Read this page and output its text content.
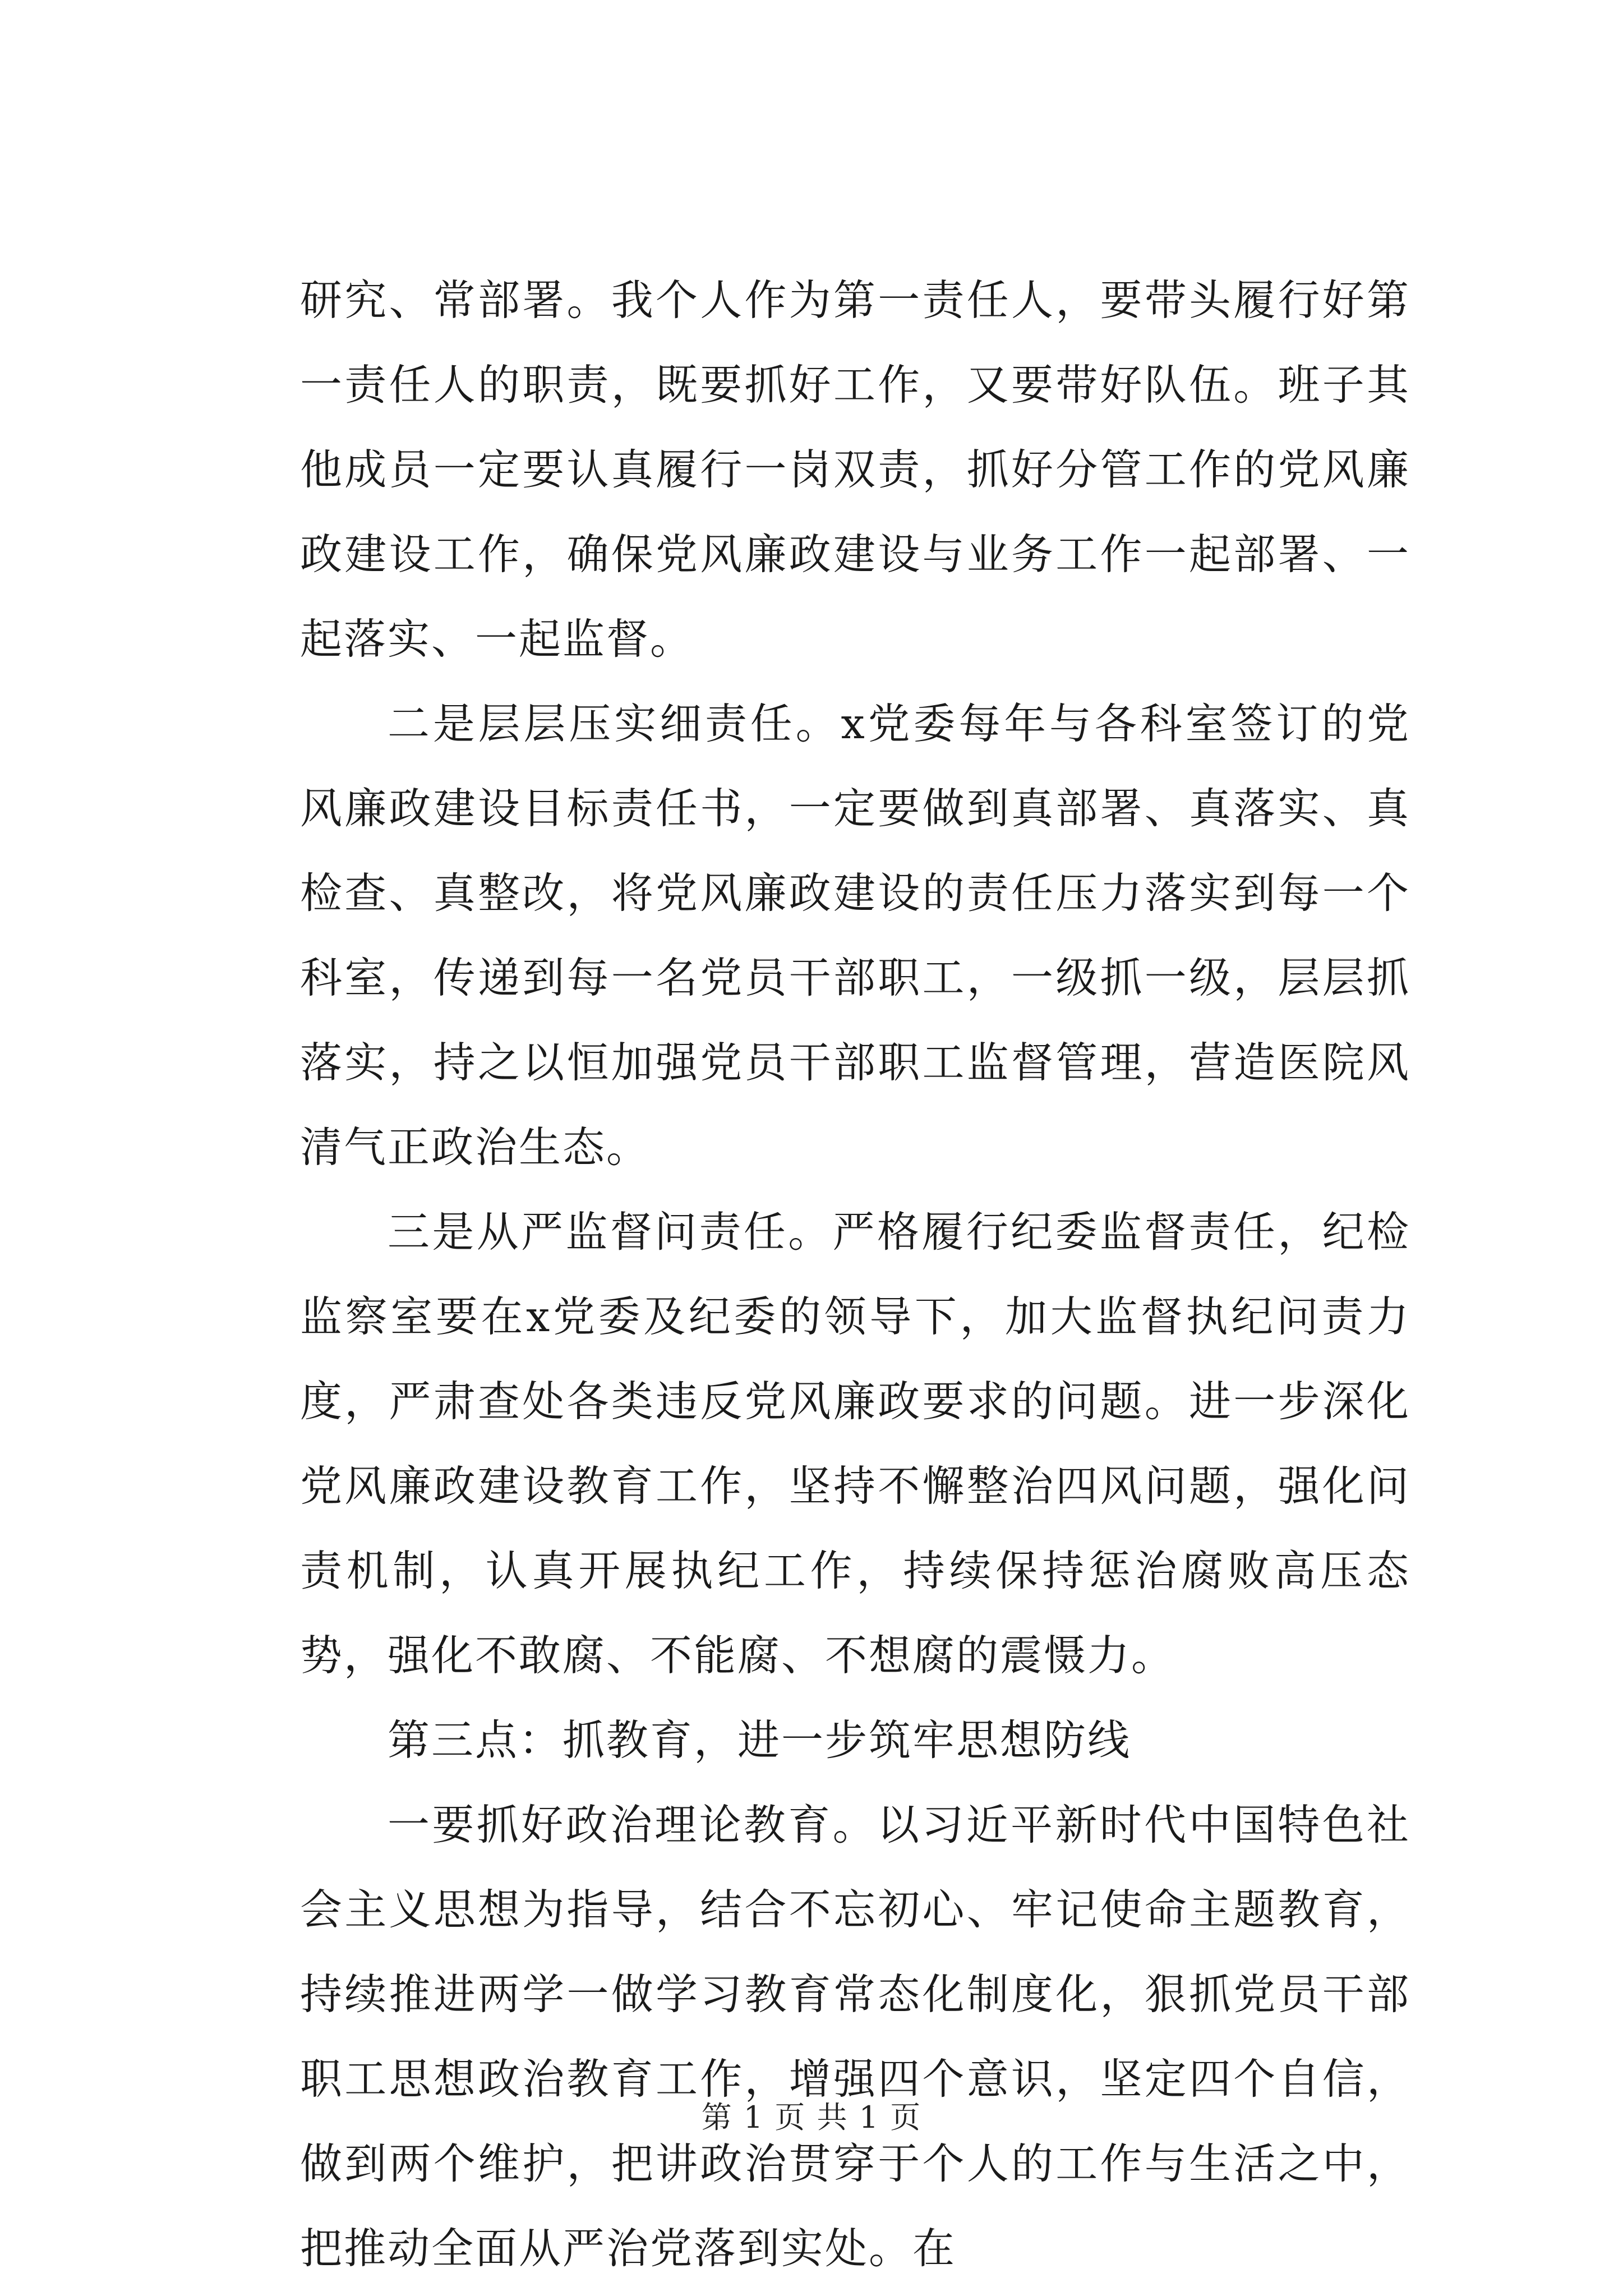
研究、常部署。我个人作为第一责任人，要带头履行好第一责任人的职责，既要抓好工作，又要带好队伍。班子其他成员一定要认真履行一岗双责，抓好分管工作的党风廉政建设工作，确保党风廉政建设与业务工作一起部署、一起落实、一起监督。

二是层层压实细责任。x党委每年与各科室签订的党风廉政建设目标责任书，一定要做到真部署、真落实、真检查、真整改，将党风廉政建设的责任压力落实到每一个科室，传递到每一名党员干部职工，一级抓一级，层层抓落实，持之以恒加强党员干部职工监督管理，营造医院风清气正政治生态。

三是从严监督问责任。严格履行纪委监督责任，纪检监察室要在x党委及纪委的领导下，加大监督执纪问责力度，严肃查处各类违反党风廉政要求的问题。进一步深化党风廉政建设教育工作，坚持不懈整治四风问题，强化问责机制，认真开展执纪工作，持续保持惩治腐败高压态势，强化不敢腐、不能腐、不想腐的震慑力。

第三点：抓教育，进一步筑牢思想防线

一要抓好政治理论教育。以习近平新时代中国特色社会主义思想为指导，结合不忘初心、牢记使命主题教育，持续推进两学一做学习教育常态化制度化，狠抓党员干部职工思想政治教育工作，增强四个意识，坚定四个自信，做到两个维护，把讲政治贯穿于个人的工作与生活之中，把推动全面从严治党落到实处。在

第 1 页 共 1 页
